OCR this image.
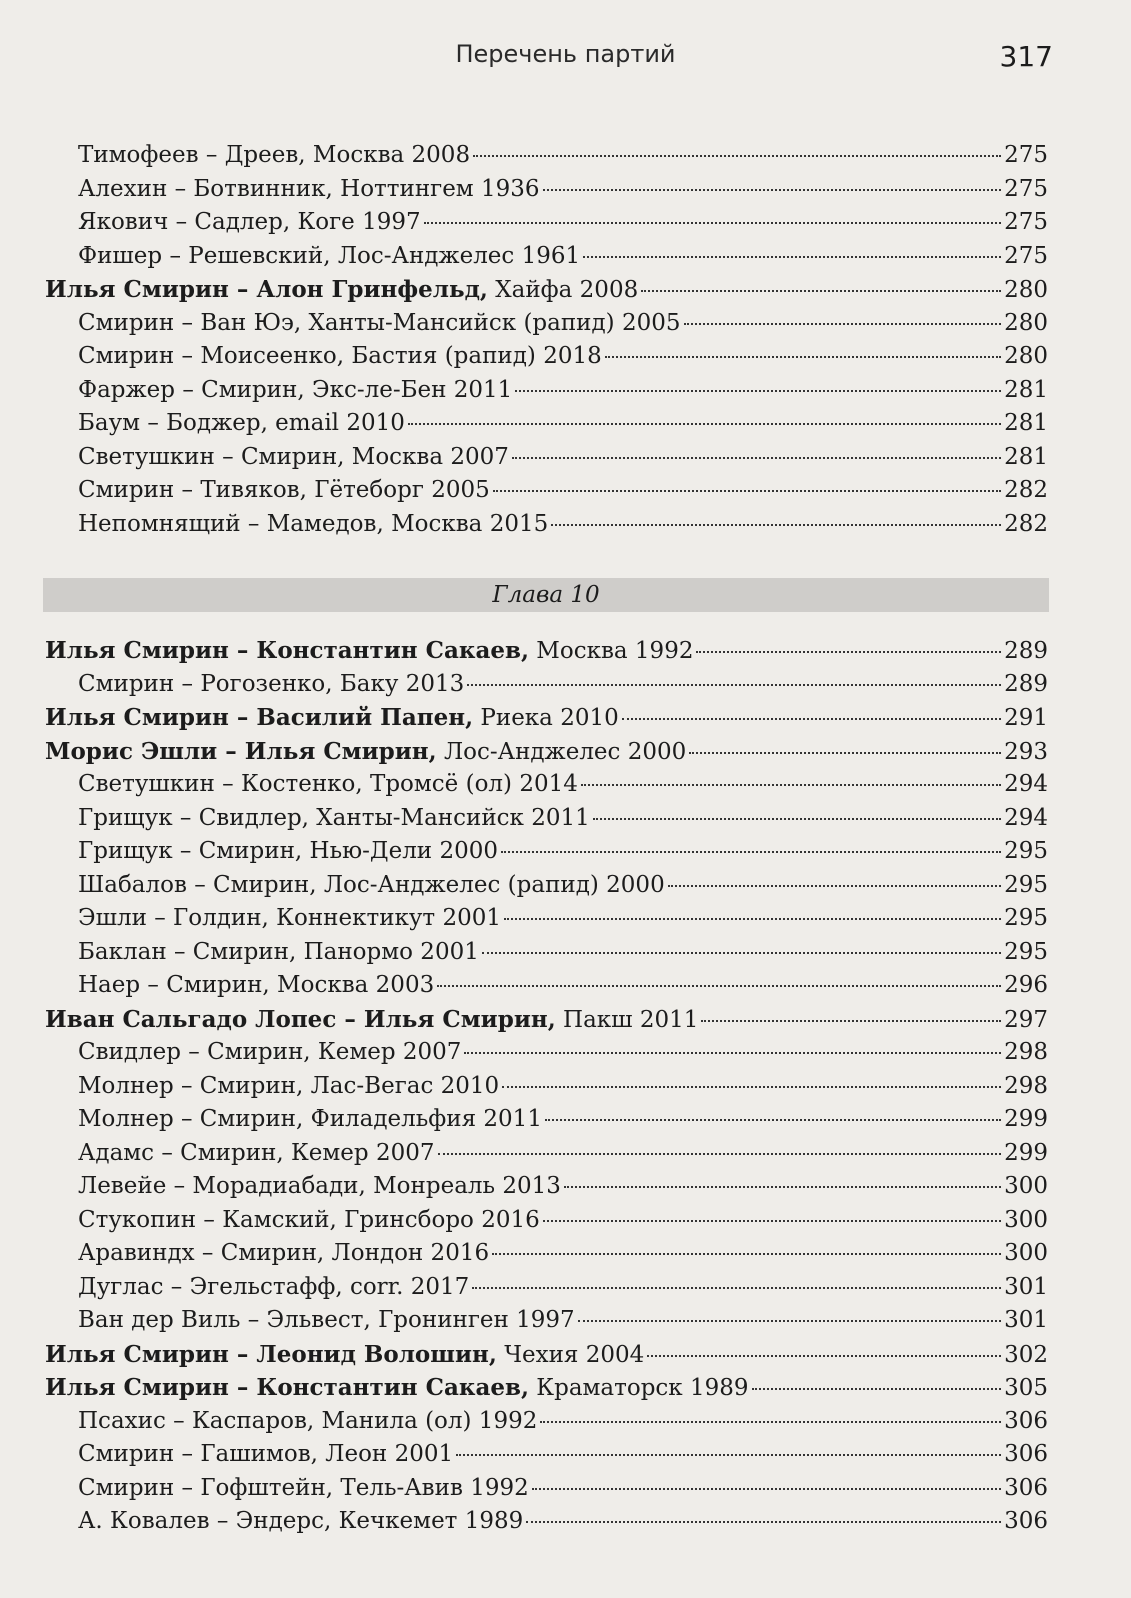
Перечень партий	317
Тимофеев – Дреев, Москва 2008	275
Алехин – Ботвинник, Ноттингем 1936	275
Якович – Садлер, Коге 1997	275
Фишер – Решевский, Лос-Анджелес 1961	275
Илья Смирин – Алон Гринфельд, Хайфа 2008	280
Смирин – Ван Юэ, Ханты-Мансийск (рапид) 2005	280
Смирин – Моисеенко, Бастия (рапид) 2018	280
Фаржер – Смирин, Экс-ле-Бен 2011	281
Баум – Боджер, email 2010	281
Светушкин – Смирин, Москва 2007	281
Смирин – Тивяков, Гётеборг 2005	282
Непомнящий – Мамедов, Москва 2015	282
Глава 10
Илья Смирин – Константин Сакаев, Москва 1992	289
Смирин – Рогозенко, Баку 2013	289
Илья Смирин – Василий Папен, Риека 2010	291
Морис Эшли – Илья Смирин, Лос-Анджелес 2000	293
Светушкин – Костенко, Тромсё (ол) 2014	294
Грищук – Свидлер, Ханты-Мансийск 2011	294
Грищук – Смирин, Нью-Дели 2000	295
Шабалов – Смирин, Лос-Анджелес (рапид) 2000	295
Эшли – Голдин, Коннектикут 2001	295
Баклан – Смирин, Панормо 2001	295
Наер – Смирин, Москва 2003	296
Иван Сальгадо Лопес – Илья Смирин, Пакш 2011	297
Свидлер – Смирин, Кемер 2007	298
Молнер – Смирин, Лас-Вегас 2010	298
Молнер – Смирин, Филадельфия 2011	299
Адамс – Смирин, Кемер 2007	299
Левейе – Морадиабади, Монреаль 2013	300
Стукопин – Камский, Гринсборо 2016	300
Аравиндх – Смирин, Лондон 2016	300
Дуглас – Эгельстафф, corr. 2017	301
Ван дер Виль – Эльвест, Гронинген 1997	301
Илья Смирин – Леонид Волошин, Чехия 2004	302
Илья Смирин – Константин Сакаев, Краматорск 1989	305
Псахис – Каспаров, Манила (ол) 1992	306
Смирин – Гашимов, Леон 2001	306
Смирин – Гофштейн, Тель-Авив 1992	306
А. Ковалев – Эндерс, Кечкемет 1989	306
